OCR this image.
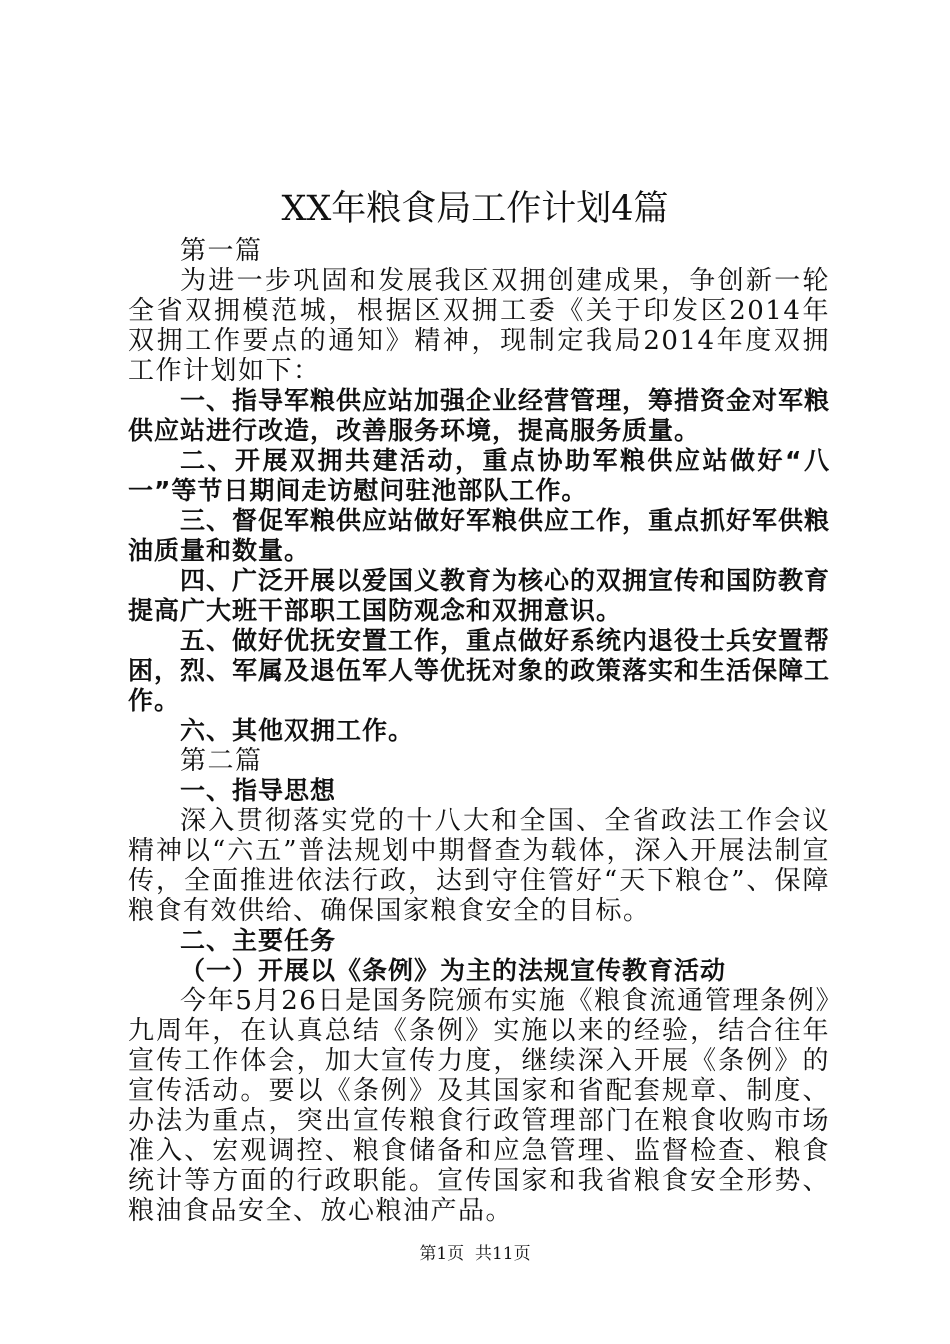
XX年粮食局工作计划4篇

第一篇

为进一步巩固和发展我区双拥创建成果，争创新一轮全省双拥模范城，根据区双拥工委《关于印发区2014年双拥工作要点的通知》精神，现制定我局2014年度双拥工作计划如下：

一、指导军粮供应站加强企业经营管理，筹措资金对军粮供应站进行改造，改善服务环境，提高服务质量。

二、开展双拥共建活动，重点协助军粮供应站做好“八一”等节日期间走访慰问驻池部队工作。

三、督促军粮供应站做好军粮供应工作，重点抓好军供粮油质量和数量。

四、广泛开展以爱国义教育为核心的双拥宣传和国防教育提高广大班干部职工国防观念和双拥意识。

五、做好优抚安置工作，重点做好系统内退役士兵安置帮困，烈、军属及退伍军人等优抚对象的政策落实和生活保障工作。

六、其他双拥工作。

第二篇

一、指导思想

深入贯彻落实党的十八大和全国、全省政法工作会议精神以“六五”普法规划中期督查为载体，深入开展法制宣传，全面推进依法行政，达到守住管好“天下粮仓”、保障粮食有效供给、确保国家粮食安全的目标。

二、主要任务

（一）开展以《条例》为主的法规宣传教育活动

今年5月26日是国务院颁布实施《粮食流通管理条例》九周年，在认真总结《条例》实施以来的经验，结合往年宣传工作体会，加大宣传力度，继续深入开展《条例》的宣传活动。要以《条例》及其国家和省配套规章、制度、办法为重点，突出宣传粮食行政管理部门在粮食收购市场准入、宏观调控、粮食储备和应急管理、监督检查、粮食统计等方面的行政职能。宣传国家和我省粮食安全形势、粮油食品安全、放心粮油产品。

第1页  共11页
